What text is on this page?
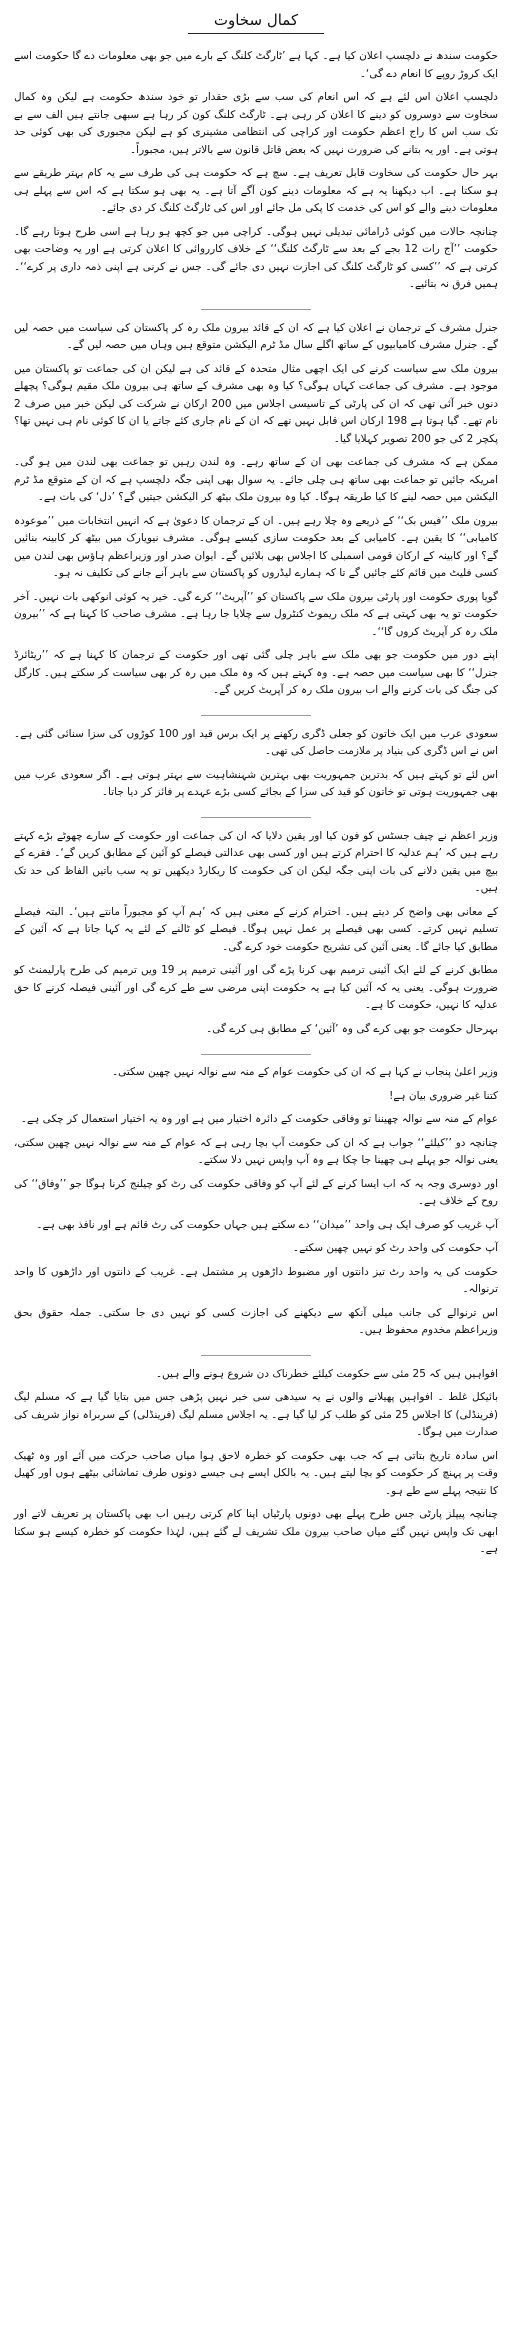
کمال سخاوت

حکومت سندھ نے دلچسپ اعلان کیا ہے۔ کہا ہے ’ٹارگٹ کلنگ کے بارے میں جو بھی معلومات دے گا حکومت اسے ایک کروڑ روپے کا انعام دے گی‘۔

دلچسپ اعلان اس لئے ہے کہ اس انعام کی سب سے بڑی حقدار تو خود سندھ حکومت ہے لیکن وہ کمال سخاوت سے دوسروں کو دینے کا اعلان کر رہی ہے۔ ٹارگٹ کلنگ کون کر رہا ہے سبھی جانتے ہیں الف سے بے تک سب اس کا راج اعظم حکومت اور کراچی کی انتظامی مشینری کو ہے لیکن مجبوری کی بھی کوئی حد ہوتی ہے۔ اور یہ بتانے کی ضرورت نہیں کہ بعض قاتل قانون سے بالاتر ہیں، مجبوراً۔

بہر حال حکومت کی سخاوت قابل تعریف ہے۔ سچ ہے کہ حکومت ہی کی طرف سے یہ کام بہتر طریقے سے ہو سکتا ہے۔ اب دیکھنا یہ ہے کہ معلومات دینے کون آگے آتا ہے۔ یہ بھی ہو سکتا ہے کہ اس سے پہلے ہی معلومات دینے والے کو اس کی خدمت کا پکی مل جائے اور اس کی ٹارگٹ کلنگ کر دی جائے۔

چنانچہ حالات میں کوئی ڈرامائی تبدیلی نہیں ہوگی۔ کراچی میں جو کچھ ہو رہا ہے اسی طرح ہوتا رہے گا۔ حکومت ’’آج رات 12 بجے کے بعد سے ٹارگٹ کلنگ‘‘ کے خلاف کارروائی کا اعلان کرتی ہے اور یہ وضاحت بھی کرتی ہے کہ ’’کسی کو ٹارگٹ کلنگ کی اجازت نہیں دی جائے گی۔ جس نے کرنی ہے اپنی ذمہ داری پر کرے‘‘۔ ہمیں فرق نہ بتائیے۔

جنرل مشرف کے ترجمان نے اعلان کیا ہے کہ ان کے قائد بیرون ملک رہ کر پاکستان کی سیاست میں حصہ لیں گے۔ جنرل مشرف کامیابیوں کے ساتھ اگلے سال مڈ ٹرم الیکشن متوقع ہیں وہاں میں حصہ لیں گے۔

بیرون ملک سے سیاست کرنے کی ایک اچھی مثال متحدہ کے قائد کی ہے لیکن ان کی جماعت تو پاکستان میں موجود ہے۔ مشرف کی جماعت کہاں ہوگی؟ کیا وہ بھی مشرف کے ساتھ ہی بیرون ملک مقیم ہوگی؟ پچھلے دنوں خبر آئی تھی کہ ان کی پارٹی کے تاسیسی اجلاس میں 200 ارکان نے شرکت کی لیکن خبر میں صرف 2 نام تھے۔ گیا ہوتا ہے 198 ارکان اس قابل نہیں تھے کہ ان کے نام جاری کئے جاتے یا ان کا کوئی نام ہی نہیں تھا؟ پکچر 2 کی جو 200 تصویر کہلایا گیا۔

ممکن ہے کہ مشرف کی جماعت بھی ان کے ساتھ رہے۔ وہ لندن رہیں تو جماعت بھی لندن میں ہو گی۔ امریکہ جائیں تو جماعت بھی ساتھ ہی چلی جائے۔ یہ سوال بھی اپنی جگہ دلچسپ ہے کہ ان کے متوقع مڈ ٹرم الیکشن میں حصہ لینے کا کیا طریقہ ہوگا۔ کیا وہ بیرون ملک بیٹھ کر الیکشن جیتیں گے؟ ’دل‘ کی بات ہے۔

بیرون ملک ’’فیس بک‘‘ کے ذریعے وہ چلا رہے ہیں۔ ان کے ترجمان کا دعویٰ ہے کہ انہیں انتخابات میں ’’موعودہ کامیابی‘‘ کا یقین ہے۔ کامیابی کے بعد حکومت سازی کیسے ہوگی۔ مشرف نیویارک میں بیٹھ کر کابینہ بنائیں گے؟ اور کابینہ کے ارکان قومی اسمبلی کا اجلاس بھی بلائیں گے۔ ایوان صدر اور وزیراعظم ہاؤس بھی لندن میں کسی فلیٹ میں قائم کئے جائیں گے تا کہ ہمارے لیڈروں کو پاکستان سے باہر آنے جانے کی تکلیف نہ ہو۔

گویا پوری حکومت اور پارٹی بیرون ملک سے پاکستان کو ’’آپریٹ‘‘ کرے گی۔ خیر یہ کوئی انوکھی بات نہیں۔ آخر حکومت تو یہ بھی کہتی ہے کہ ملک ریموٹ کنٹرول سے چلایا جا رہا ہے۔ مشرف صاحب کا کہنا ہے کہ ’’بیرون ملک رہ کر آپریٹ کروں گا‘‘۔

اپنے دور میں حکومت جو بھی ملک سے باہر چلی گئی تھی اور حکومت کے ترجمان کا کہنا ہے کہ ’’ریٹائرڈ جنرل‘‘ کا بھی سیاست میں حصہ ہے۔ وہ کہتے ہیں کہ وہ ملک میں رہ کر بھی سیاست کر سکتے ہیں۔ کارگل کی جنگ کی بات کرنے والے اب بیرون ملک رہ کر آپریٹ کریں گے۔

سعودی عرب میں ایک خاتون کو جعلی ڈگری رکھنے پر ایک برس قید اور 100 کوڑوں کی سزا سنائی گئی ہے۔ اس نے اس ڈگری کی بنیاد پر ملازمت حاصل کی تھی۔

اس لئے تو کہتے ہیں کہ بدترین جمہوریت بھی بہترین شہنشاہیت سے بہتر ہوتی ہے۔ اگر سعودی عرب میں بھی جمہوریت ہوتی تو خاتون کو قید کی سزا کے بجائے کسی بڑے عہدے پر فائز کر دیا جاتا۔

وزیر اعظم نے چیف جسٹس کو فون کیا اور یقین دلایا کہ ان کی جماعت اور حکومت کے سارے چھوٹے بڑے کہتے رہے ہیں کہ ’ہم عدلیہ کا احترام کرتے ہیں اور کسی بھی عدالتی فیصلے کو آئین کے مطابق کریں گے‘۔ فقرے کے بیچ میں یقین دلانے کی بات اپنی جگہ لیکن ان کی حکومت کا ریکارڈ دیکھیں تو یہ سب باتیں الفاظ کی حد تک ہیں۔

کے معانی بھی واضح کر دیتے ہیں۔ احترام کرنے کے معنی ہیں کہ ’ہم آپ کو مجبوراً مانتے ہیں‘۔ البتہ فیصلے تسلیم نہیں کرتے۔ کسی بھی فیصلے پر عمل نہیں ہوگا۔ فیصلے کو ٹالنے کے لئے یہ کہا جاتا ہے کہ آئین کے مطابق کیا جائے گا۔ یعنی آئین کی تشریح حکومت خود کرے گی۔

مطابق کرنے کے لئے ایک آئینی ترمیم بھی کرنا پڑے گی اور آئینی ترمیم پر 19 ویں ترمیم کی طرح پارلیمنٹ کو ضرورت ہوگی۔ یعنی یہ کہ آئین کیا ہے یہ حکومت اپنی مرضی سے طے کرے گی اور آئینی فیصلہ کرنے کا حق عدلیہ کا نہیں، حکومت کا ہے۔

بہرحال حکومت جو بھی کرے گی وہ ’آئین‘ کے مطابق ہی کرے گی۔

وزیر اعلیٰ پنجاب نے کہا ہے کہ ان کی حکومت عوام کے منہ سے نوالہ نہیں چھین سکتی۔

کتنا غیر ضروری بیان ہے!

عوام کے منہ سے نوالہ چھیننا تو وفاقی حکومت کے دائرہ اختیار میں ہے اور وہ یہ اختیار استعمال کر چکی ہے۔

چنانچہ دو ’’کیلئے‘‘ جواب ہے کہ ان کی حکومت آپ بچا رہی ہے کہ عوام کے منہ سے نوالہ نہیں چھین سکتی، یعنی نوالہ جو پہلے ہی چھینا جا چکا ہے وہ آپ واپس نہیں دلا سکتے۔

اور دوسری وجہ یہ کہ اب ایسا کرنے کے لئے آپ کو وفاقی حکومت کی رٹ کو چیلنج کرنا ہوگا جو ’’وفاق‘‘ کی روح کے خلاف ہے۔

آپ غریب کو صرف ایک ہی واحد ’’میدان‘‘ دے سکتے ہیں جہاں حکومت کی رٹ قائم ہے اور نافذ بھی ہے۔

آپ حکومت کی واحد رٹ کو نہیں چھین سکتے۔

حکومت کی یہ واحد رٹ تیز دانتوں اور مضبوط داڑھوں پر مشتمل ہے۔ غریب کے دانتوں اور داڑھوں کا واحد ترنوالہ۔

اس ترنوالے کی جانب میلی آنکھ سے دیکھنے کی اجازت کسی کو نہیں دی جا سکتی۔ جملہ حقوق بحق وزیراعظم مخدوم محفوظ ہیں۔

افواہیں ہیں کہ 25 مئی سے حکومت کیلئے خطرناک دن شروع ہونے والے ہیں۔

بائیکل غلط ۔ افواہیں پھیلانے والوں نے یہ سیدھی سی خبر نہیں پڑھی جس میں بتایا گیا ہے کہ مسلم لیگ (فرینڈلی) کا اجلاس 25 مئی کو طلب کر لیا گیا ہے۔ یہ اجلاس مسلم لیگ (فرینڈلی) کے سربراہ نواز شریف کی صدارت میں ہوگا۔

اس سادہ تاریخ بتاتی ہے کہ جب بھی حکومت کو خطرہ لاحق ہوا میاں صاحب حرکت میں آئے اور وہ ٹھیک وقت پر پہنچ کر حکومت کو بچا لیتے ہیں۔ یہ بالکل ایسے ہی جیسے دونوں طرف تماشائی بیٹھے ہوں اور کھیل کا نتیجہ پہلے سے طے ہو۔

چنانچہ پیپلز پارٹی جس طرح پہلے بھی دونوں پارٹیاں اپنا کام کرتی رہیں اب بھی پاکستان پر تعریف لاتے اور ابھی تک واپس نہیں گئے میاں صاحب بیرون ملک تشریف لے گئے ہیں، لہٰذا حکومت کو خطرہ کیسے ہو سکتا ہے۔
